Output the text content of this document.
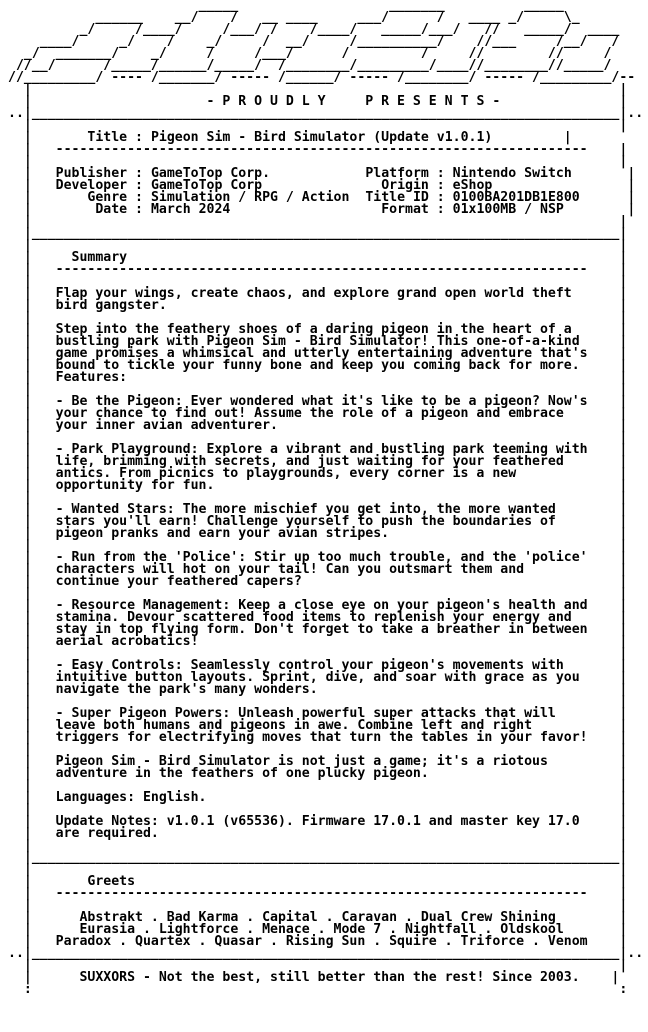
_____                   _______          _____
______    __/    /   __ ____     ___/      /   ____ _/     \_
_/     /____/     /___/ /    /____/   _____/___/   //   _____/  ____
____/     _/    /    _/     /  __/     /__________/    //___     /__/   /
_/  _______/    _/     /     /___/      /         /     //        //     /
//__/      /_____/______/_____/  /________/_________/____//________//_____/
//_________/ ---- /_______/ ----- /______/ ----- /________/ ----- /_________/--
|                                                                          |
|                      - P R O U D L Y     P R E S E N T S -               |
..|__________________________________________________________________________|..
|                                                                          |
|       Title : Pigeon Sim - Bird Simulator (Update v1.0.1)         |
|   -------------------------------------------------------------------    |
|                                                                          |
|   Publisher : GameToTop Corp.            Platform : Nintendo Switch       |
|   Developer : GameToTop Corp               Origin : eShop                 |
|       Genre : Simulation / RPG / Action  Title ID : 0100BA201DB1E800      |
|        Date : March 2024                   Format : 01x100MB / NSP        |
|                                                                          |
|__________________________________________________________________________|
|                                                                          |
|     Summary                                                              |
|   -------------------------------------------------------------------    |
|                                                                          |
|   Flap your wings, create chaos, and explore grand open world theft      |
|   bird gangster.                                                         |
|	|
|   Step into the feathery shoes of a daring pigeon in the heart of a      |
|   bustling park with Pigeon Sim - Bird Simulator! This one-of-a-kind     |
|   game promises a whimsical and utterly entertaining adventure that's    |
|   bound to tickle your funny bone and keep you coming back for more.     |
|   Features:                                                              |
|	|
|   - Be the Pigeon: Ever wondered what it's like to be a pigeon? Now's    |
|   your chance to find out! Assume the role of a pigeon and embrace       |
|   your inner avian adventurer.                                           |
|	|
|   - Park Playground: Explore a vibrant and bustling park teeming with    |
|   life, brimming with secrets, and just waiting for your feathered       |
|   antics. From picnics to playgrounds, every corner is a new             |
|   opportunity for fun.                                                   |
|	|
|   - Wanted Stars: The more mischief you get into, the more wanted        |
|   stars you'll earn! Challenge yourself to push the boundaries of        |
|   pigeon pranks and earn your avian stripes.                             |
|	|
|   - Run from the 'Police': Stir up too much trouble, and the 'police'    |
|   characters will hot on your tail! Can you outsmart them and            |
|   continue your feathered capers?                                        |
|	|
|   - Resource Management: Keep a close eye on your pigeon's health and    |
|   stamina. Devour scattered food items to replenish your energy and      |
|   stay in top flying form. Don't forget to take a breather in between    |
|   aerial acrobatics!                                                     |
|	|
|   - Easy Controls: Seamlessly control your pigeon's movements with       |
|   intuitive button layouts. Sprint, dive, and soar with grace as you     |
|   navigate the park's many wonders.                                      |
|	|
|   - Super Pigeon Powers: Unleash powerful super attacks that will        |
|   leave both humans and pigeons in awe. Combine left and right           |
|   triggers for electrifying moves that turn the tables in your favor!    |
|	|
|   Pigeon Sim - Bird Simulator is not just a game; it's a riotous         |
|   adventure in the feathers of one plucky pigeon.                        |
|	|
|   Languages: English.                                                    |
|	|
|   Update Notes: v1.0.1 (v65536). Firmware 17.0.1 and master key 17.0     |
|   are required.                                                          |
|                                                                          |
|__________________________________________________________________________|
|                                                                          |
|       Greets                                                             |
|   -------------------------------------------------------------------    |
|                                                                          |
|      Abstrakt . Bad Karma . Capital . Caravan . Dual Crew Shining        |
|      Eurasia . Lightforce . Menace . Mode 7 . Nightfall . Oldskool       |
|   Paradox . Quartex . Quasar . Rising Sun . Squire . Triforce . Venom    |
..|__________________________________________________________________________|..
|                                                                          |
|      SUXXORS - Not the best, still better than the rest! Since 2003.    |
:                                                                          :
